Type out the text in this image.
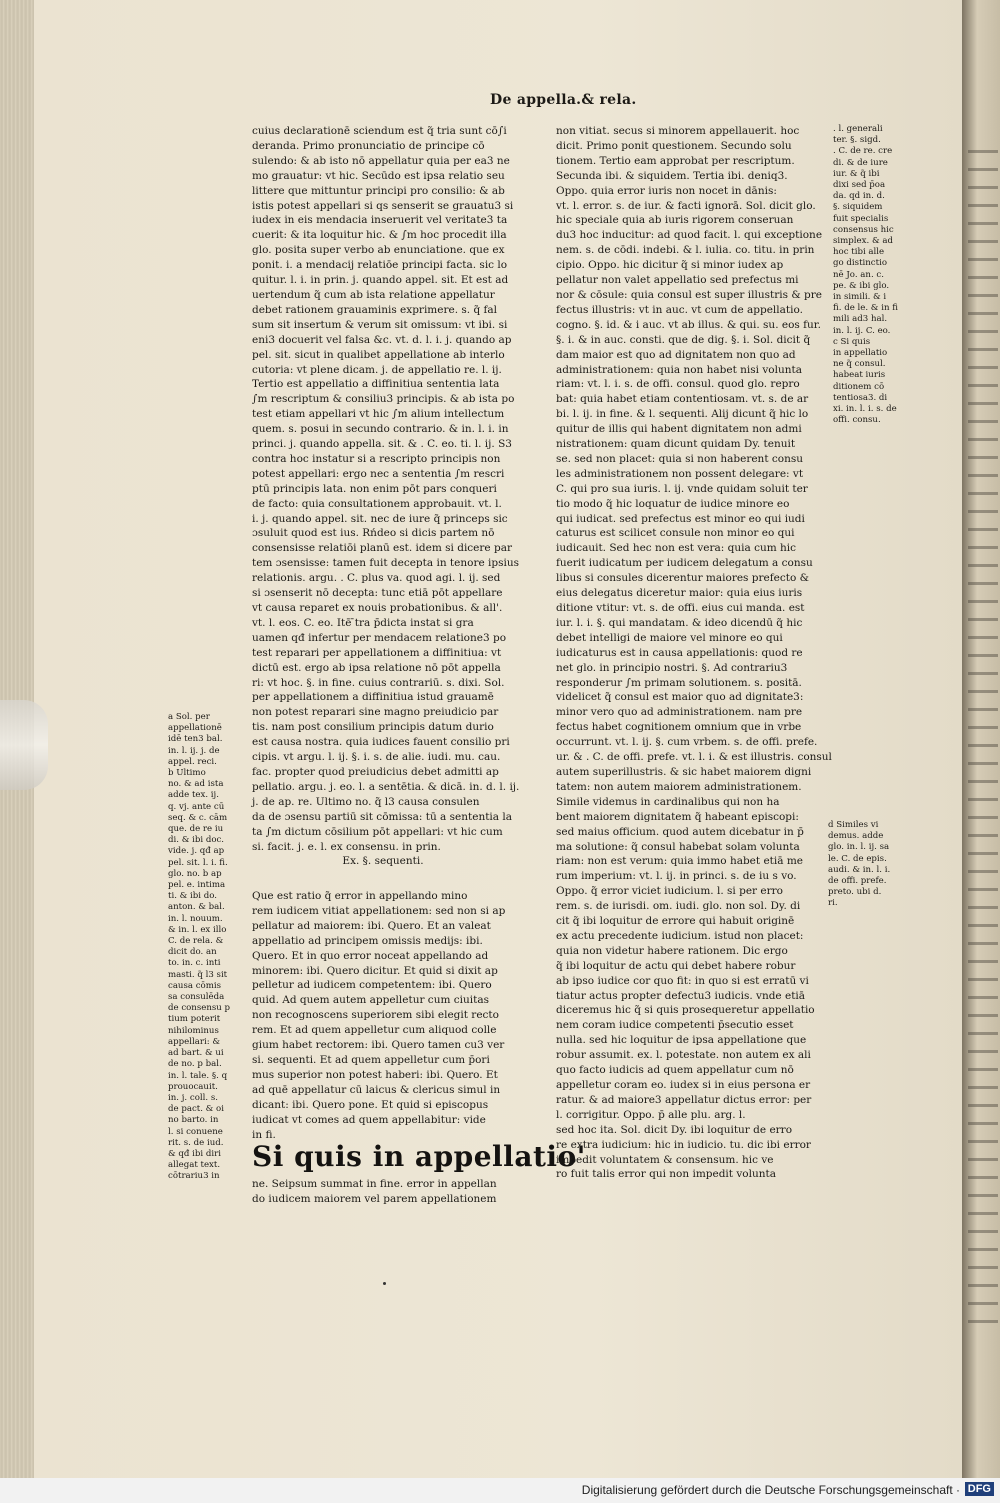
De appella.& rela.
cuius declarationē sciendum est q̃ tria sunt cō∫i
deranda. Primo pronunciatio de principe cō
sulendo: & ab isto nō appellatur quia per ea3 ne
mo grauatur: vt hic. Secūdo est ipsa relatio seu
littere que mittuntur principi pro consilio: & ab
istis potest appellari si qs senserit se grauatu3 si
iudex in eis mendacia inseruerit vel veritate3 ta
cuerit: & ita loquitur hic. & ∫m hoc procedit illa
glo. posita super verbo ab enunciatione. que ex
ponit. i. a mendacij relatiōe principi facta. sic lo
quitur. l. i. in prin. j. quando appel. sit. Et est ad
uertendum q̃ cum ab ista relatione appellatur
debet rationem grauaminis exprimere. s. q̃ fal
sum sit insertum & verum sit omissum: vt ibi. si
eni3 docuerit vel falsa &c. vt. d. l. i. j. quando ap
pel. sit. sicut in qualibet appellatione ab interlo
cutoria: vt plene dicam. j. de appellatio re. l. ij.
Tertio est appellatio a diffinitiua sententia lata
∫m rescriptum & consiliu3 principis. & ab ista po
test etiam appellari vt hic ∫m alium intellectum
quem. s. posui in secundo contrario. & in. l. i. in
princi. j. quando appella. sit. & . C. eo. ti. l. ij. S3
contra hoc instatur si a rescripto principis non
potest appellari: ergo nec a sententia ∫m rescri
ptū principis lata. non enim pōt pars conqueri
de facto: quia consultationem approbauit. vt. l.
i. j. quando appel. sit. nec de iure q̃ princeps sic
ɔsuluit quod est ius. Rńdeo si dicis partem nō
consensisse relatiōi planū est. idem si dicere par
tem ɔsensisse: tamen fuit decepta in tenore ipsius
relationis. argu. . C. plus va. quod agi. l. ij. sed
si ɔsenserit nō decepta: tunc etiā pōt appellare
vt causa reparet ex nouis probationibus. & all'.
vt. l. eos. C. eo. Itē ̄tra p̄dicta instat si gra
uamen qđ infertur per mendacem relatione3 po
test reparari per appellationem a diffinitiua: vt
dictū est. ergo ab ipsa relatione nō pōt appella
ri: vt hoc. §. in fine. cuius contrariū. s. dixi. Sol.
per appellationem a diffinitiua istud grauamē
non potest reparari sine magno preiudicio par
tis. nam post consilium principis datum durio
est causa nostra. quia iudices fauent consilio pri
cipis. vt argu. l. ij. §. i. s. de alie. iudi. mu. cau.
fac. propter quod preiudicius debet admitti ap
pellatio. argu. j. eo. l. a sentētia. & dicā. in. d. l. ij.
j. de ap. re. Ultimo no. q̃ l3 causa consulen
da de ɔsensu partiū sit cōmissa: tū a sententia la
ta ∫m dictum cōsilium pōt appellari: vt hic cum
si. facit. j. e. l. ex consensu. in prin.
Ex. §. sequenti.
Que est ratio q̃ error in appellando mino
rem iudicem vitiat appellationem: sed non si ap
pellatur ad maiorem: ibi. Quero. Et an valeat
appellatio ad principem omissis medijs: ibi.
Quero. Et in quo error noceat appellando ad
minorem: ibi. Quero dicitur. Et quid si dixit ap
pelletur ad iudicem competentem: ibi. Quero
quid. Ad quem autem appelletur cum ciuitas
non recognoscens superiorem sibi elegit recto
rem. Et ad quem appelletur cum aliquod colle
gium habet rectorem: ibi. Quero tamen cu3 ver
si. sequenti. Et ad quem appelletur cum p̄ori
mus superior non potest haberi: ibi. Quero. Et
ad quē appellatur cū laicus & clericus simul in
dicant: ibi. Quero pone. Et quid si episcopus
iudicat vt comes ad quem appellabitur: vide
in fi.
Si quis in appellatio'
ne. Seipsum summat in fine. error in appellan
do iudicem maiorem vel parem appellationem
non vitiat. secus si minorem appellauerit. hoc
dicit. Primo ponit questionem. Secundo solu
tionem. Tertio eam approbat per rescriptum.
Secunda ibi. & siquidem. Tertia ibi. deniq3.
Oppo. quia error iuris non nocet in dānis:
vt. l. error. s. de iur. & facti ignorā. Sol. dicit glo.
hic speciale quia ab iuris rigorem conseruan
du3 hoc inducitur: ad quod facit. l. qui exceptione
nem. s. de cōdi. indebi. & l. iulia. co. titu. in prin
cipio. Oppo. hic dicitur q̃ si minor iudex ap
pellatur non valet appellatio sed prefectus mi
nor & cōsule: quia consul est super illustris & pre
fectus illustris: vt in auc. vt cum de appellatio.
cogno. §. id. & i auc. vt ab illus. & qui. su. eos fur.
§. i. & in auc. consti. que de dig. §. i. Sol. dicit q̃
dam maior est quo ad dignitatem non quo ad
administrationem: quia non habet nisi volunta
riam: vt. l. i. s. de offi. consul. quod glo. repro
bat: quia habet etiam contentiosam. vt. s. de ar
bi. l. ij. in fine. & l. sequenti. Alij dicunt q̃ hic lo
quitur de illis qui habent dignitatem non admi
nistrationem: quam dicunt quidam Dy. tenuit
se. sed non placet: quia si non haberent consu
les administrationem non possent delegare: vt
C. qui pro sua iuris. l. ij. vnde quidam soluit ter
tio modo q̃ hic loquatur de iudice minore eo
qui iudicat. sed prefectus est minor eo qui iudi
caturus est scilicet consule non minor eo qui
iudicauit. Sed hec non est vera: quia cum hic
fuerit iudicatum per iudicem delegatum a consu
libus si consules dicerentur maiores prefecto &
eius delegatus diceretur maior: quia eius iuris
ditione vtitur: vt. s. de offi. eius cui manda. est
iur. l. i. §. qui mandatam. & ideo dicendū q̃ hic
debet intelligi de maiore vel minore eo qui
iudicaturus est in causa appellationis: quod re
net glo. in principio nostri. §. Ad contrariu3
responderur ∫m primam solutionem. s. positā.
videlicet q̃ consul est maior quo ad dignitate3:
minor vero quo ad administrationem. nam pre
fectus habet cognitionem omnium que in vrbe
occurrunt. vt. l. ij. §. cum vrbem. s. de offi. prefe.
ur. & . C. de offi. prefe. vt. l. i. & est illustris. consul
autem superillustris. & sic habet maiorem digni
tatem: non autem maiorem administrationem.
Simile videmus in cardinalibus qui non ha
bent maiorem dignitatem q̃ habeant episcopi:
sed maius officium. quod autem dicebatur in p̄
ma solutione: q̃ consul habebat solam volunta
riam: non est verum: quia immo habet etiā me
rum imperium: vt. l. ij. in princi. s. de iu s vo.
Oppo. q̃ error viciet iudicium. l. si per erro
rem. s. de iurisdi. om. iudi. glo. non sol. Dy. di
cit q̃ ibi loquitur de errore qui habuit originē
ex actu precedente iudicium. istud non placet:
quia non videtur habere rationem. Dic ergo
q̃ ibi loquitur de actu qui debet habere robur
ab ipso iudice cor quo fit: in quo si est erratū vi
tiatur actus propter defectu3 iudicis. vnde etiā
diceremus hic q̃ si quis prosequeretur appellatio
nem coram iudice competenti p̄secutio esset
nulla. sed hic loquitur de ipsa appellatione que
robur assumit. ex. l. potestate. non autem ex ali
quo facto iudicis ad quem appellatur cum nō
appelletur coram eo. iudex si in eius persona er
ratur. & ad maiore3 appellatur dictus error: per
l. corrigitur. Oppo. p̄ alle plu. arg. l.
sed hoc ita. Sol. dicit Dy. ibi loquitur de erro
re extra iudicium: hic in iudicio. tu. dic ibi error
impedit voluntatem & consensum. hic ve
ro fuit talis error qui non impedit volunta
. l. generali
ter. §. sigd.
. C. de re. cre
di. & de iure
iur. & q̃ ibi
dixi sed p̄oa
da. qd in. d.
§. siquidem
fuit specialis
consensus hic
simplex. & ad
hoc tibi alle
go distinctio
nē Jo. an. c.
pe. & ibi glo.
in simili. & i
fi. de le. & in fi
mili ad3 hal.
in. l. ij. C. eo.
c Si quis
in appellatio
ne q̃ consul.
habeat iuris
ditionem cō
tentiosa3. di
xi. in. l. i. s. de
offi. consu.
d Similes vi
demus. adde
glo. in. l. ij. sa
le. C. de epis.
audi. & in. l. i.
de offi. prefe.
preto. ubi d.
ri.
a Sol. per
appellationē
idē ten3 bal.
in. l. ij. j. de
appel. reci.
b Ultimo
no. & ad ista
adde tex. ij.
q. vj. ante cū
seq. & c. cām
que. de re iu
di. & ibi doc.
vide. j. qđ ap
pel. sit. l. i. fi.
glo. no. b ap
pel. e. intima
ti. & ibi do.
anton. & bal.
in. l. nouum.
& in. l. ex illo
C. de rela. &
dicit do. an
to. in. c. inti
masti. q̃ l3 sit
causa cōmis
sa consulēda
de consensu p
tium poterit
nihilominus
appellari: &
ad bart. & ui
de no. p bal.
in. l. tale. §. q
prouocauit.
in. j. coll. s.
de pact. & oi
no barto. in
l. si conuene
rit. s. de iud.
& qđ ibi diri
allegat text.
cōtrariu3 in
Digitalisierung gefördert durch die Deutsche Forschungsgemeinschaft · DFG
